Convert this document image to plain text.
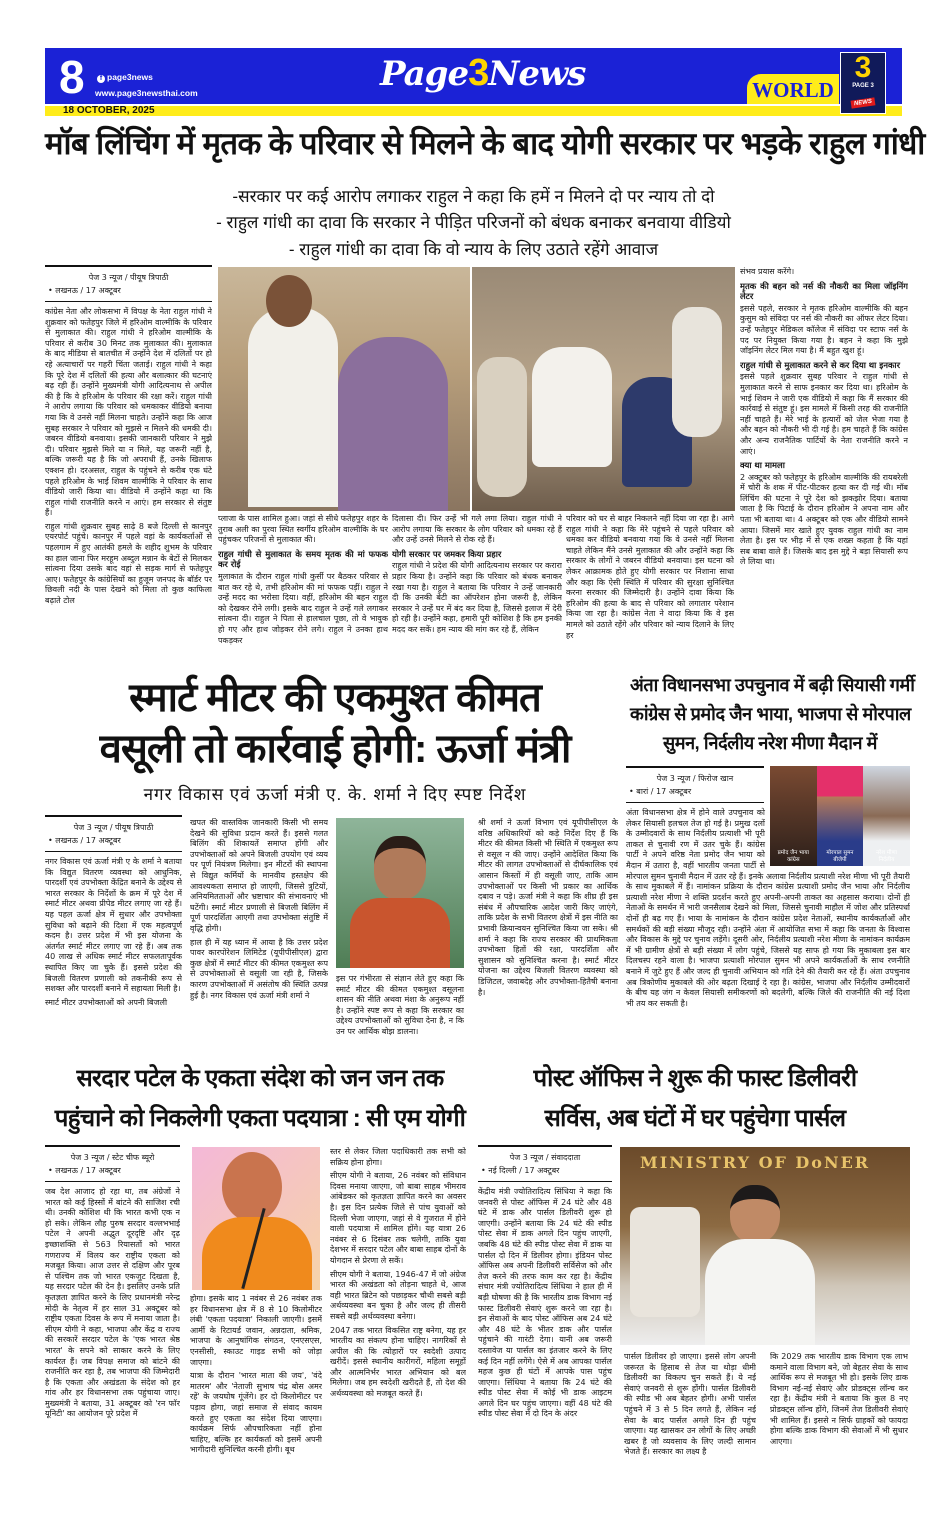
8	f page3news
www.page3newsthai.com
18 OCTOBER, 2025
Page3News	WORLD
3
PAGE 3
NEWS
मॉब लिंचिंग में मृतक के परिवार से मिलने के बाद योगी सरकार पर भड़के राहुल गांधी
-सरकार पर कई आरोप लगाकर राहुल ने कहा कि हमें न मिलने दो पर न्याय तो दो
- राहुल गांधी का दावा कि सरकार ने पीड़ित परिजनों को बंधक बनाकर बनवाया वीडियो
- राहुल गांधी का दावा कि वो न्याय के लिए उठाते रहेंगे आवाज
पेज 3 न्यूज / पीयूष त्रिपाठी
• लखनऊ / 17 अक्टूबर

कांग्रेस नेता और लोकसभा में विपक्ष के नेता राहुल गांधी ने शुक्रवार को फतेहपुर जिले में हरिओम वाल्मीकि के परिवार से मुलाकात की। राहुल गांधी ने हरिओम वाल्मीकि के परिवार से करीब 30 मिनट तक मुलाकात की। मुलाकात के बाद मीडिया से बातचीत में उन्होंने देश में दलितों पर हो रहे अत्याचारों पर गहरी चिंता जताई। राहुल गांधी ने कहा कि पूरे देश में दलितों की हत्या और बलात्कार की घटनाएं बढ़ रही हैं। उन्होंने मुख्यमंत्री योगी आदित्यनाथ से अपील की है कि वे हरिओम के परिवार की रक्षा करें। राहुल गांधी ने आरोप लगाया कि परिवार को धमकाकर वीडियो बनाया गया कि वे उनसे नहीं मिलना चाहते। उन्होंने कहा कि आज सुबह सरकार ने परिवार को मुझसे न मिलने की धमकी दी। जबरन वीडियो बनवाया। इसकी जानकारी परिवार ने मुझे दी। परिवार मुझसे मिले या न मिले, यह जरूरी नहीं है, बल्कि जरूरी यह है कि जो अपराधी हैं, उनके खिलाफ एक्शन हो। दरअसल, राहुल के पहुंचने से करीब एक घंटे पहले हरिओम के भाई शिवम वाल्मीकि ने परिवार के साथ वीडियो जारी किया था। वीडियो में उन्होंने कहा था कि राहुल गांधी राजनीति करने न आएं। हम सरकार से संतुष्ट हैं।

राहुल गांधी शुक्रवार सुबह साढ़े 8 बजे दिल्ली से कानपुर एयरपोर्ट पहुंचे। कानपुर में पहले वहां के कार्यकर्ताओं से पहलगाम में हुए आतंकी हमले के शहीद शुभम के परिवार का हाल जाना फिर मरहूम अब्दुल मन्नान के बेटों से मिलकर सांत्वना दिया उसके बाद वहां से सड़क मार्ग से फतेहपुर आए। फतेहपुर के कांग्रेसियों का हुजूम जनपद के बॉर्डर पर छिवली नदी के पास देखने को मिला तो कुछ काफिला बढ़ाते टोल

प्लाजा के पास शामिल हुआ। जहां से सीधे फतेहपुर शहर के तुराब अली का पुरवा स्थित स्वर्गीय हरिओम वाल्मीकि के घर पहुंचकर परिजनों से मुलाकात की।

राहुल गांधी से मुलाकात के समय मृतक की मां फफक कर रोई

मुलाकात के दौरान राहुल गांधी कुर्सी पर बैठकर परिवार से बात कर रहे थे, तभी हरिओम की मां फफक पड़ीं। राहुल ने उन्हें मदद का भरोसा दिया। वहीं, हरिओम की बहन राहुल को देखकर रोने लगी। इसके बाद राहुल ने उन्हें गले लगाकर सांत्वना दी। राहुल ने पिता से हालचाल पूछा, तो वे भावुक हो गए और हाथ जोड़कर रोने लगे। राहुल ने उनका हाथ पकड़कर

दिलासा दी। फिर उन्हें भी गले लगा लिया। राहुल गांधी ने आरोप लगाया कि सरकार के लोग परिवार को धमका रहे हैं और उन्हें उनसे मिलने से रोक रहे हैं।

योगी सरकार पर जमकर किया प्रहार

राहुल गांधी ने प्रदेश की योगी आदित्यनाथ सरकार पर करारा प्रहार किया है। उन्होंने कहा कि परिवार को बंधक बनाकर रखा गया है। राहुल ने बताया कि परिवार ने उन्हें जानकारी दी कि उनकी बेटी का ऑपरेशन होना जरूरी है, लेकिन सरकार ने उन्हें घर में बंद कर दिया है, जिससे इलाज में देरी हो रही है। उन्होंने कहा, हमारी पूरी कोशिश है कि हम इनकी मदद कर सकें। हम न्याय की मांग कर रहे हैं, लेकिन

परिवार को घर से बाहर निकलने नहीं दिया जा रहा है। आगे राहुल गांधी ने कहा कि मेरे पहुंचने से पहले परिवार को धमका कर वीडियो बनवाया गया कि वे उनसे नहीं मिलना चाहते लेकिन मैंने उनसे मुलाकात की और उन्होंने कहा कि सरकार के लोगों ने जबरन वीडियो बनवाया। इस घटना को लेकर आक्रामक होते हुए योगी सरकार पर निशाना साधा और कहा कि ऐसी स्थिति में परिवार की सुरक्षा सुनिश्चित करना सरकार की जिम्मेदारी है। उन्होंने दावा किया कि हरिओम की हत्या के बाद से परिवार को लगातार परेशान किया जा रहा है। कांग्रेस नेता ने वादा किया कि वे इस मामले को उठाते रहेंगे और परिवार को न्याय दिलाने के लिए हर

संभव प्रयास करेंगे।

मृतक की बहन को नर्स की नौकरी का मिला जॉइनिंग लेटर

इससे पहले, सरकार ने मृतक हरिओम वाल्मीकि की बहन कुसुम को संविदा पर नर्स की नौकरी का ऑफर लेटर दिया। उन्हें फतेहपुर मेडिकल कॉलेज में संविदा पर स्टाफ नर्स के पद पर नियुक्त किया गया है। बहन ने कहा कि मुझे जॉइनिंग लेटर मिल गया है। मैं बहुत खुश हूं।

राहुल गांधी से मुलाकात करने से कर दिया था इनकार

इससे पहले शुक्रवार सुबह परिवार ने राहुल गांधी से मुलाकात करने से साफ इनकार कर दिया था। हरिओम के भाई शिवम ने जारी एक वीडियो में कहा कि मैं सरकार की कार्रवाई से संतुष्ट हूं। इस मामले में किसी तरह की राजनीति नहीं चाहते हैं। मेरे भाई के हत्यारों को जेल भेजा गया है और बहन को नौकरी भी दी गई है। हम चाहते हैं कि कांग्रेस और अन्य राजनैतिक पार्टियों के नेता राजनीति करने न आएं।

क्या था मामला

2 अक्टूबर को फतेहपुर के हरिओम वाल्मीकि की रायबरेली में चोरी के शक में पीट-पीटकर हत्या कर दी गई थी। मॉब लिंचिंग की घटना ने पूरे देश को झकझोर दिया। बताया जाता है कि पिटाई के दौरान हरिओम ने अपना नाम और पता भी बताया था। 4 अक्टूबर को एक और वीडियो सामने आया। जिसमें मार खाते हुए युवक राहुल गांधी का नाम लेता है। इस पर भीड़ में से एक शख्स कहता है कि यहां सब बाबा वाले हैं। जिसके बाद इस मुद्दे ने बड़ा सियासी रूप ले लिया था।

स्मार्ट मीटर की एकमुश्त कीमत
वसूली तो कार्रवाई होगी: ऊर्जा मंत्री
नगर विकास एवं ऊर्जा मंत्री ए. के. शर्मा ने दिए स्पष्ट निर्देश
पेज 3 न्यूज / पीयूष त्रिपाठी
• लखनऊ / 17 अक्टूबर

नगर विकास एवं ऊर्जा मंत्री ए के शर्मा ने बताया कि विद्युत वितरण व्यवस्था को आधुनिक, पारदर्शी एवं उपभोक्ता केंद्रित बनाने के उद्देश्य से भारत सरकार के निर्देशों के क्रम में पूरे देश में स्मार्ट मीटर अथवा प्रीपेड मीटर लगाए जा रहे हैं। यह पहल ऊर्जा क्षेत्र में सुधार और उपभोक्ता सुविधा को बढ़ाने की दिशा में एक महत्वपूर्ण कदम है। उत्तर प्रदेश में भी इस योजना के अंतर्गत स्मार्ट मीटर लगाए जा रहे हैं। अब तक 40 लाख से अधिक स्मार्ट मीटर सफलतापूर्वक स्थापित किए जा चुके हैं। इससे प्रदेश की बिजली वितरण प्रणाली को तकनीकी रूप से सशक्त और पारदर्शी बनाने में सहायता मिली है।

स्मार्ट मीटर उपभोक्ताओं को अपनी बिजली

खपत की वास्तविक जानकारी किसी भी समय देखने की सुविधा प्रदान करते हैं। इससे गलत बिलिंग की शिकायतें समाप्त होंगी और उपभोक्ताओं को अपने बिजली उपयोग एवं व्यय पर पूर्ण नियंत्रण मिलेगा। इन मीटरों की स्थापना से विद्युत कर्मियों के मानवीय हस्तक्षेप की आवश्यकता समाप्त हो जाएगी, जिससे त्रुटियों, अनियमितताओं और भ्रष्टाचार की संभावनाएं भी घटेंगी। स्मार्ट मीटर प्रणाली से बिजली बिलिंग में पूर्ण पारदर्शिता आएगी तथा उपभोक्ता संतुष्टि में वृद्धि होगी।

हाल ही में यह ध्यान में आया है कि उत्तर प्रदेश पावर कारपोरेशन लिमिटेड (यूपीपीसीएल) द्वारा कुछ क्षेत्रों में स्मार्ट मीटर की कीमत एकमुश्त रूप से उपभोक्ताओं से वसूली जा रही है, जिसके कारण उपभोक्ताओं में असंतोष की स्थिति उत्पन्न हुई है। नगर विकास एवं ऊर्जा मंत्री शर्मा ने

इस पर गंभीरता से संज्ञान लेते हुए कहा कि स्मार्ट मीटर की कीमत एकमुश्त वसूलना शासन की नीति अथवा मंशा के अनुरूप नहीं है। उन्होंने स्पष्ट रूप से कहा कि सरकार का उद्देश्य उपभोक्ताओं को सुविधा देना है, न कि उन पर आर्थिक बोझ डालना।

श्री शर्मा ने ऊर्जा विभाग एवं यूपीपीसीएल के वरिष्ठ अधिकारियों को कड़े निर्देश दिए हैं कि मीटर की कीमत किसी भी स्थिति में एकमुश्त रूप से वसूल न की जाए। उन्होंने आदेशित किया कि मीटर की लागत उपभोक्ताओं से दीर्घकालिक एवं आसान किस्तों में ही वसूली जाए, ताकि आम उपभोक्ताओं पर किसी भी प्रकार का आर्थिक दबाव न पड़े। ऊर्जा मंत्री ने कहा कि शीघ्र ही इस संबंध में औपचारिक आदेश जारी किए जाएंगे, ताकि प्रदेश के सभी वितरण क्षेत्रों में इस नीति का प्रभावी क्रियान्वयन सुनिश्चित किया जा सके। श्री शर्मा ने कहा कि राज्य सरकार की प्राथमिकता उपभोक्ता हितों की रक्षा, पारदर्शिता और सुशासन को सुनिश्चित करना है। स्मार्ट मीटर योजना का उद्देश्य बिजली वितरण व्यवस्था को डिजिटल, जवाबदेह और उपभोक्ता-हितैषी बनाना है।

अंता विधानसभा उपचुनाव में बढ़ी सियासी गर्मी
कांग्रेस से प्रमोद जैन भाया, भाजपा से मोरपाल
सुमन, निर्दलीय नरेश मीणा मैदान में
प्रमोद जैन भाया
कांग्रेस
मोरपाल सुमन
बीजेपी
नरेश मीणा
निर्दलीय
पेज 3 न्यूज / फिरोज खान
• बारां / 17 अक्टूबर

अंता विधानसभा क्षेत्र में होने वाले उपचुनाव को लेकर सियासी हलचल तेज हो गई है। प्रमुख दलों के उम्मीदवारों के साथ निर्दलीय प्रत्याशी भी पूरी ताकत से चुनावी रण में उतर चुके हैं। कांग्रेस पार्टी ने अपने वरिष्ठ नेता प्रमोद जैन भाया को मैदान में उतारा है, वहीं भारतीय जनता पार्टी से मोरपाल सुमन चुनावी मैदान में उतर रहे हैं। इनके अलावा निर्दलीय प्रत्याशी नरेश मीणा भी पूरी तैयारी के साथ मुकाबले में हैं। नामांकन प्रक्रिया के दौरान कांग्रेस प्रत्याशी प्रमोद जैन भाया और निर्दलीय प्रत्याशी नरेश मीणा ने शक्ति प्रदर्शन करते हुए अपनी-अपनी ताकत का अहसास कराया। दोनों ही नेताओं के समर्थन में भारी जनसैलाब देखने को मिला, जिससे चुनावी माहौल में जोश और प्रतिस्पर्धा दोनों ही बढ़ गए हैं। भाया के नामांकन के दौरान कांग्रेस प्रदेश नेताओं, स्थानीय कार्यकर्ताओं और समर्थकों की बड़ी संख्या मौजूद रही। उन्होंने अंता में आयोजित सभा में कहा कि जनता के विश्वास और विकास के मुद्दे पर चुनाव लड़ेंगे। दूसरी ओर, निर्दलीय प्रत्याशी नरेश मीणा के नामांकन कार्यक्रम में भी ग्रामीण क्षेत्रों से बड़ी संख्या में लोग पहुंचे, जिससे यह साफ हो गया कि मुकाबला इस बार दिलचस्प रहने वाला है। भाजपा प्रत्याशी मोरपाल सुमन भी अपने कार्यकर्ताओं के साथ रणनीति बनाने में जुटे हुए हैं और जल्द ही चुनावी अभियान को गति देने की तैयारी कर रहे हैं। अंता उपचुनाव अब त्रिकोणीय मुकाबले की ओर बढ़ता दिखाई दे रहा है। कांग्रेस, भाजपा और निर्दलीय उम्मीदवारों के बीच यह जंग न केवल सियासी समीकरणों को बदलेगी, बल्कि जिले की राजनीति की नई दिशा भी तय कर सकती है।

सरदार पटेल के एकता संदेश को जन जन तक
पहुंचाने को निकलेगी एकता पदयात्रा : सी एम योगी
पेज 3 न्यूज / स्टेट चीफ ब्यूरो
• लखनऊ / 17 अक्टूबर

जब देश आजाद हो रहा था, तब अंग्रेजों ने भारत को कई हिस्सों में बांटने की साजिश रची थी। उनकी कोशिश थी कि भारत कभी एक न हो सके। लेकिन लौह पुरुष सरदार वल्लभभाई पटेल ने अपनी अद्भुत दूरदृष्टि और दृढ़ इच्छाशक्ति से 563 रियासतों को भारत गणराज्य में विलय कर राष्ट्रीय एकता को मजबूत किया। आज उत्तर से दक्षिण और पूरब से पश्चिम तक जो भारत एकजुट दिखता है, यह सरदार पटेल की देन है। इसलिए उनके प्रति कृतज्ञता ज्ञापित करने के लिए प्रधानमंत्री नरेन्द्र मोदी के नेतृत्व में हर साल 31 अक्टूबर को राष्ट्रीय एकता दिवस के रूप में मनाया जाता है। सीएम योगी ने कहा, भाजपा और केंद्र व राज्य की सरकारें सरदार पटेल के 'एक भारत श्रेष्ठ भारत' के सपने को साकार करने के लिए कार्यरत हैं। जब विपक्ष समाज को बांटने की राजनीति कर रहा है, तब भाजपा की जिम्मेदारी है कि एकता और अखंडता के संदेश को हर गांव और हर विधानसभा तक पहुंचाया जाए। मुख्यमंत्री ने बताया, 31 अक्टूबर को 'रन फॉर यूनिटी' का आयोजन पूरे प्रदेश में

होगा। इसके बाद 1 नवंबर से 26 नवंबर तक हर विधानसभा क्षेत्र में 8 से 10 किलोमीटर लंबी 'एकता पदयात्रा' निकाली जाएगी। इसमें आर्मी के रिटायर्ड जवान, अन्नदाता, श्रमिक, भाजपा के आनुषांगिक संगठन, एनएसएस, एनसीसी, स्काउट गाइड सभी को जोड़ा जाएगा।

यात्रा के दौरान 'भारत माता की जय', 'वंदे मातरम' और 'नेताजी सुभाष चंद्र बोस अमर रहें' के जयघोष गूंजेंगे। हर दो किलोमीटर पर पड़ाव होगा, जहां समाज से संवाद कायम करते हुए एकता का संदेश दिया जाएगा। कार्यक्रम सिर्फ औपचारिकता नहीं होना चाहिए, बल्कि हर कार्यकर्ता को इसमें अपनी भागीदारी सुनिश्चित करनी होगी। बूथ

स्तर से लेकर जिला पदाधिकारी तक सभी को सक्रिय होना होगा।

सीएम योगी ने बताया, 26 नवंबर को संविधान दिवस मनाया जाएगा, जो बाबा साहब भीमराव आंबेडकर को कृतज्ञता ज्ञापित करने का अवसर है। इस दिन प्रत्येक जिले से पांच युवाओं को दिल्ली भेजा जाएगा, जहां से वे गुजरात में होने वाली पदयात्रा में शामिल होंगे। यह यात्रा 26 नवंबर से 6 दिसंबर तक चलेगी, ताकि युवा देशभर में सरदार पटेल और बाबा साहब दोनों के योगदान से प्रेरणा ले सकें।

सीएम योगी ने बताया, 1946-47 में जो अंग्रेज भारत की अखंडता को तोड़ना चाहते थे, आज वही भारत ब्रिटेन को पछाड़कर चौथी सबसे बड़ी अर्थव्यवस्था बन चुका है और जल्द ही तीसरी सबसे बड़ी अर्थव्यवस्था बनेगा।

2047 तक भारत विकसित राष्ट्र बनेगा, यह हर भारतीय का संकल्प होना चाहिए। नागरिकों से अपील की कि त्योहारों पर स्वदेशी उत्पाद खरीदें। इससे स्थानीय कारीगरों, महिला समूहों और आत्मनिर्भर भारत अभियान को बल मिलेगा। जब हम स्वदेशी खरीदते हैं, तो देश की अर्थव्यवस्था को मजबूत करते हैं।

पोस्ट ऑफिस ने शुरू की फास्ट डिलीवरी
सर्विस, अब घंटों में घर पहुंचेगा पार्सल
पेज 3 न्यूज / संवाददाता
• नई दिल्ली / 17 अक्टूबर

केंद्रीय मंत्री ज्योतिरादित्य सिंधिया ने कहा कि जनवरी से पोस्ट ऑफिस में 24 घंटे और 48 घंटे में डाक और पार्सल डिलीवरी शुरू हो जाएगी। उन्होंने बताया कि 24 घंटे की स्पीड पोस्ट सेवा में डाक अगले दिन पहुंच जाएगी, जबकि 48 घंटे की स्पीड पोस्ट सेवा में डाक या पार्सल दो दिन में डिलीवर होगा। इंडियन पोस्ट ऑफिस अब अपनी डिलीवरी सर्विसेज को और तेज करने की तरफ काम कर रहा है। केंद्रीय संचार मंत्री ज्योतिरादित्य सिंधिया ने हाल ही में बड़ी घोषणा की है कि भारतीय डाक विभाग नई फास्ट डिलीवरी सेवाएं शुरू करने जा रहा है। इन सेवाओं के बाद पोस्ट ऑफिस अब 24 घंटे और 48 घंटे के भीतर डाक और पार्सल पहुंचाने की गारंटी देगा। यानी अब जरूरी दस्तावेज या पार्सल का इंतजार करने के लिए कई दिन नहीं लगेंगे। ऐसे में अब आपका पार्सल महज कुछ ही घंटों में आपके पास पहुंच जाएगा। सिंधिया ने बताया कि 24 घंटे की स्पीड पोस्ट सेवा में कोई भी डाक आइटम अगले दिन घर पहुंच जाएगा। वहीं 48 घंटे की स्पीड पोस्ट सेवा में दो दिन के अंदर

MINISTRY OF DoNER

पार्सल डिलीवर हो जाएगा। इससे लोग अपनी जरूरत के हिसाब से तेज या थोड़ा धीमी डिलीवरी का विकल्प चुन सकते हैं। ये नई सेवाएं जनवरी से शुरू होंगी। पार्सल डिलीवरी की स्पीड भी अब बेहतर होगी। अभी पार्सल पहुंचने में 3 से 5 दिन लगते हैं, लेकिन नई सेवा के बाद पार्सल अगले दिन ही पहुंच जाएगा। यह खासकर उन लोगों के लिए अच्छी खबर है जो व्यवसाय के लिए जल्दी सामान भेजते हैं। सरकार का लक्ष्य है

कि 2029 तक भारतीय डाक विभाग एक लाभ कमाने वाला विभाग बने, जो बेहतर सेवा के साथ आर्थिक रूप से मजबूत भी हो। इसके लिए डाक विभाग नई-नई सेवाएं और प्रोडक्ट्स लॉन्च कर रहा है। केंद्रीय मंत्री ने बताया कि कुल 8 नए प्रोडक्ट्स लॉन्च होंगे, जिनमें तेज डिलीवरी सेवाएं भी शामिल हैं। इससे न सिर्फ ग्राहकों को फायदा होगा बल्कि डाक विभाग की सेवाओं में भी सुधार आएगा।
